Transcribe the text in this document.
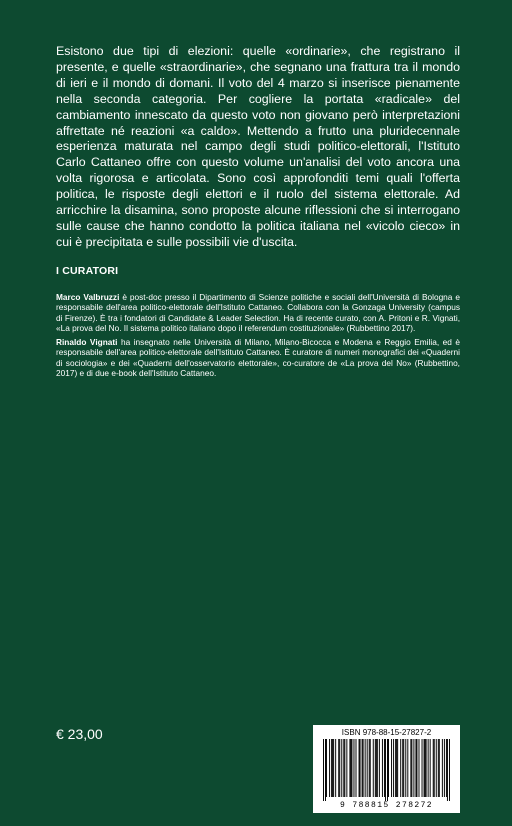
Esistono due tipi di elezioni: quelle «ordinarie», che registrano il presente, e quelle «straordinarie», che segnano una frattura tra il mondo di ieri e il mondo di domani. Il voto del 4 marzo si inserisce pienamente nella seconda categoria. Per cogliere la portata «radicale» del cambiamento innescato da questo voto non giovano però interpretazioni affrettate né reazioni «a caldo». Mettendo a frutto una pluridecennale esperienza maturata nel campo degli studi politico-elettorali, l'Istituto Carlo Cattaneo offre con questo volume un'analisi del voto ancora una volta rigorosa e articolata. Sono così approfonditi temi quali l'offerta politica, le risposte degli elettori e il ruolo del sistema elettorale. Ad arricchire la disamina, sono proposte alcune riflessioni che si interrogano sulle cause che hanno condotto la politica italiana nel «vicolo cieco» in cui è precipitata e sulle possibili vie d'uscita.

I CURATORI

Marco Valbruzzi è post-doc presso il Dipartimento di Scienze politiche e sociali dell'Università di Bologna e responsabile dell'area politico-elettorale dell'Istituto Cattaneo. Collabora con la Gonzaga University (campus di Firenze). È tra i fondatori di Candidate & Leader Selection. Ha di recente curato, con A. Pritoni e R. Vignati, «La prova del No. Il sistema politico italiano dopo il referendum costituzionale» (Rubbettino 2017).

Rinaldo Vignati ha insegnato nelle Università di Milano, Milano-Bicocca e Modena e Reggio Emilia, ed è responsabile dell'area politico-elettorale dell'Istituto Cattaneo. È curatore di numeri monografici dei «Quaderni di sociologia» e dei «Quaderni dell'osservatorio elettorale», co-curatore de «La prova del No» (Rubbettino, 2017) e di due e-book dell'Istituto Cattaneo.

€ 23,00	ISBN 978-88-15-27827-2
9 788815 278272
